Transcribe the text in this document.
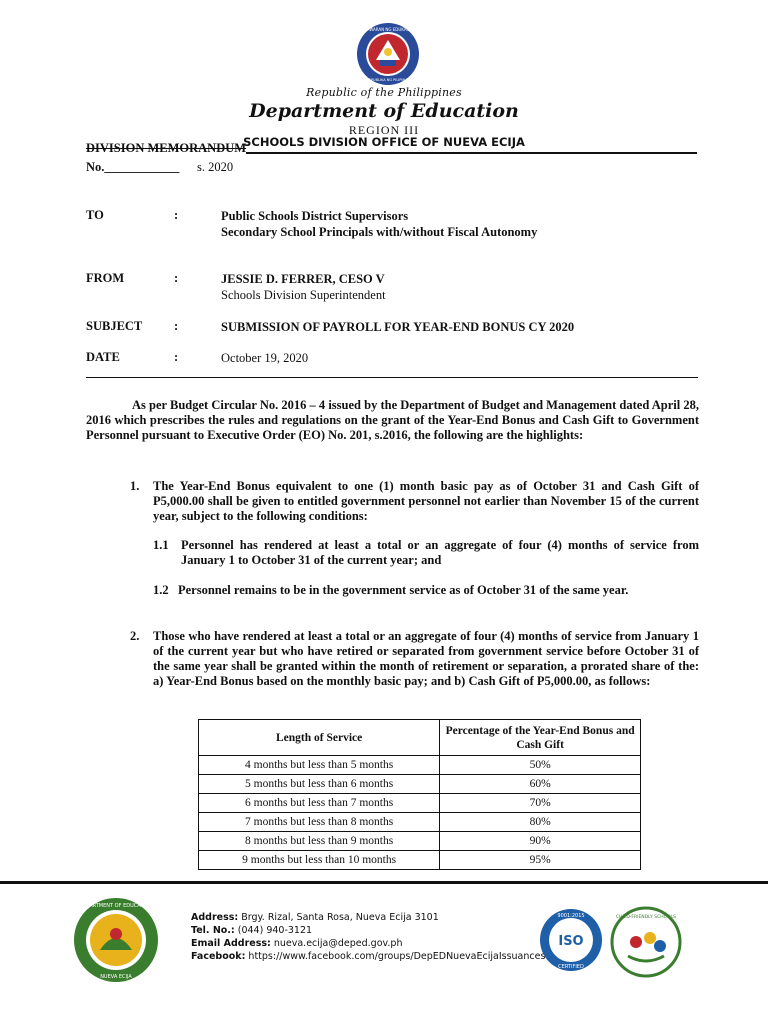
KAGAWARAN NG EDUKASYON
REPUBLIKA NG PILIPINAS
Republic of the Philippines
Department of Education
REGION III
SCHOOLS DIVISION OFFICE OF NUEVA ECIJA
DIVISION MEMORANDUM
No.____________ s. 2020
TO	:	Public Schools District Supervisors
Secondary School Principals with/without Fiscal Autonomy
FROM	:	JESSIE D. FERRER, CESO V
Schools Division Superintendent
SUBJECT	:	SUBMISSION OF PAYROLL FOR YEAR-END BONUS CY 2020
DATE	:	October 19, 2020
As per Budget Circular No. 2016 – 4 issued by the Department of Budget and Management dated April 28, 2016 which prescribes the rules and regulations on the grant of the Year-End Bonus and Cash Gift to Government Personnel pursuant to Executive Order (EO) No. 201, s.2016, the following are the highlights:
1. The Year-End Bonus equivalent to one (1) month basic pay as of October 31 and Cash Gift of P5,000.00 shall be given to entitled government personnel not earlier than November 15 of the current year, subject to the following conditions:
1.1 Personnel has rendered at least a total or an aggregate of four (4) months of service from January 1 to October 31 of the current year; and
1.2 Personnel remains to be in the government service as of October 31 of the same year.
2. Those who have rendered at least a total or an aggregate of four (4) months of service from January 1 of the current year but who have retired or separated from government service before October 31 of the same year shall be granted within the month of retirement or separation, a prorated share of the: a) Year-End Bonus based on the monthly basic pay; and b) Cash Gift of P5,000.00, as follows:
Length of Service	Percentage of the Year-End Bonus and Cash Gift
4 months but less than 5 months	50%
5 months but less than 6 months	60%
6 months but less than 7 months	70%
7 months but less than 8 months	80%
8 months but less than 9 months	90%
9 months but less than 10 months	95%
DEPARTMENT OF EDUCATION
NUEVA ECIJA
Address: Brgy. Rizal, Santa Rosa, Nueva Ecija 3101
Tel. No.: (044) 940-3121
Email Address: nueva.ecija@deped.gov.ph
Facebook: https://www.facebook.com/groups/DepEDNuevaEcijaIssuances
ISO
9001:2015
CERTIFIED
CHILD-FRIENDLY SCHOOLS
